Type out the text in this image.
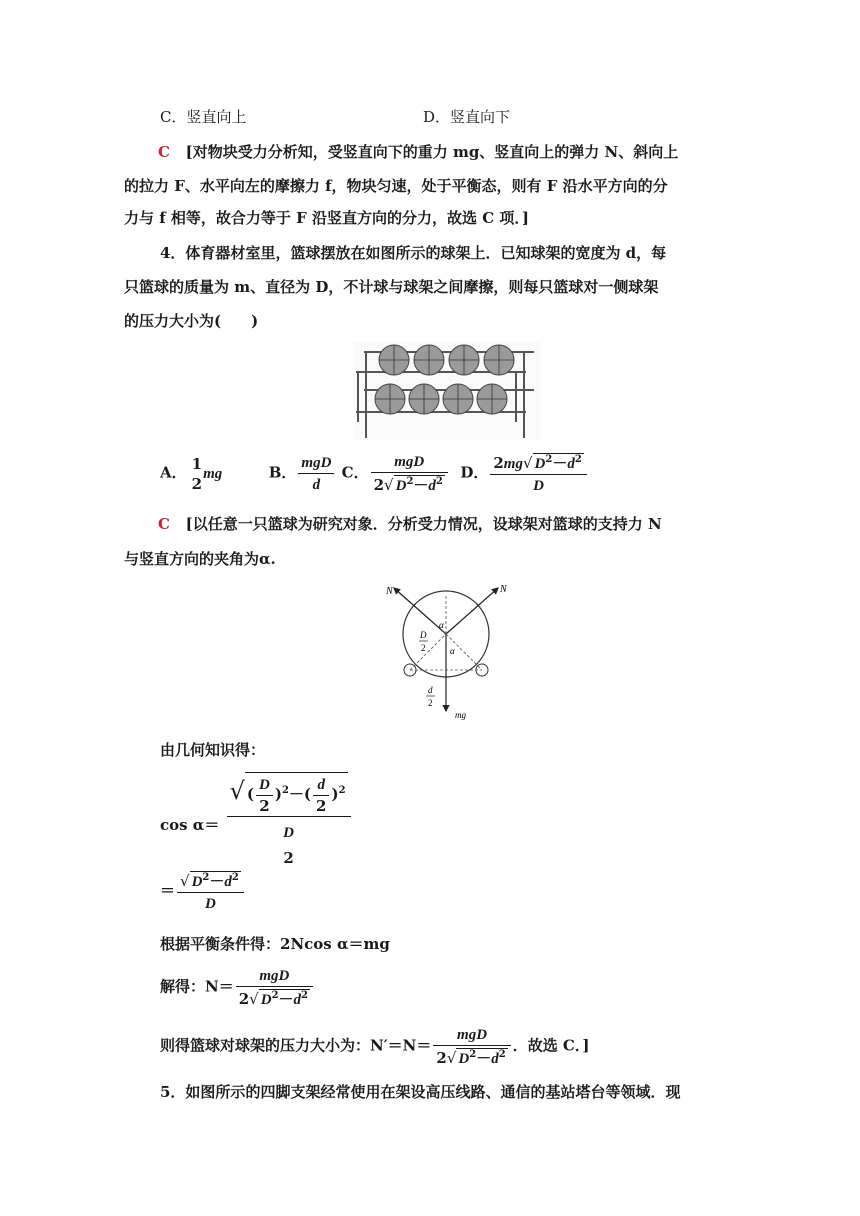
C．竖直向上	D．竖直向下
C [对物块受力分析知，受竖直向下的重力 mg、竖直向上的弹力 N、斜向上
的拉力 F、水平向左的摩擦力 f，物块匀速，处于平衡态，则有 F 沿水平方向的分
力与 f 相等，故合力等于 F 沿竖直方向的分力，故选 C 项．]
4．体育器材室里，篮球摆放在如图所示的球架上．已知球架的宽度为 d，每
只篮球的质量为 m、直径为 D，不计球与球架之间摩擦，则每只篮球对一侧球架
的压力大小为(　　)
A． 1
2
mg	B． $\frac{\text{mgD}}{d}$ C． $\frac{\text{mgD}}{2√ D^2-d^2}$ D． $\frac{2mg√ D^2-d^2}{D}$
C [以任意一只篮球为研究对象．分析受力情况，设球架对篮球的支持力 N
与竖直方向的夹角为α.
N	N
α
α
D
2
d
2
mg
由几何知识得：
cos α＝ √ ( $\frac{D}{2} )^2-( \frac{d}{2} )^2$
D
2
＝ $\frac{√ D^2-d^2}{D}$
根据平衡条件得：2Ncos α＝mg
解得：$N= \frac{\text{mgD}}{2√ D^2-d^2}$
则得篮球对球架的压力大小为：$N'=N= \frac{\text{mgD}}{2√ D^2-d^2}$ ．故选 C．]
5．如图所示的四脚支架经常使用在架设高压线路、通信的基站塔台等领域．现
